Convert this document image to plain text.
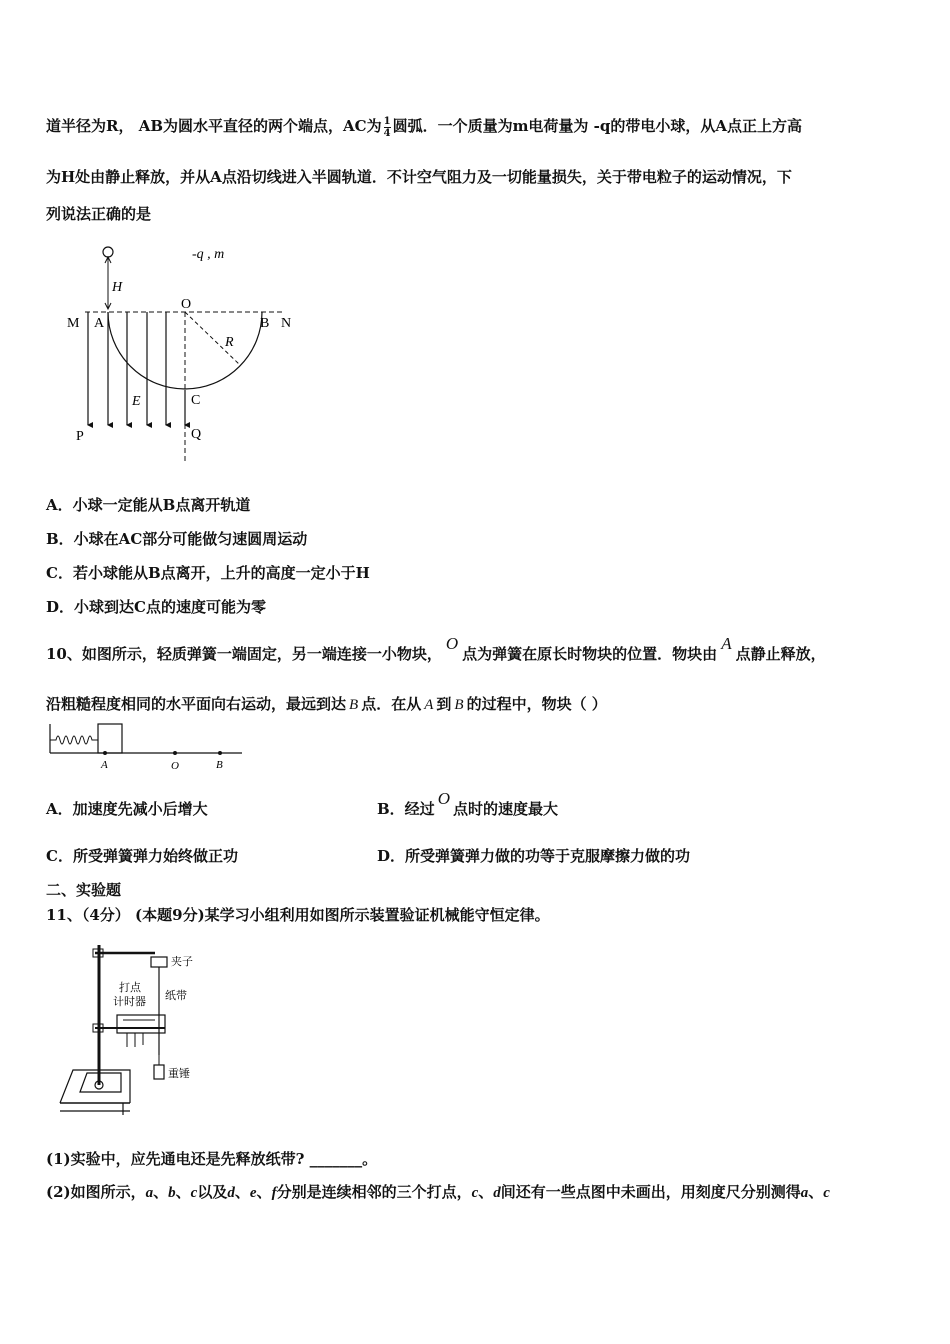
道半径为R， AB为圆水平直径的两个端点，AC为 $\frac{1}{4}$ 圆弧．一个质量为m电荷量为 -q的带电小球，从A点正上方高
为H处由静止释放，并从A点沿切线进入半圆轨道．不计空气阻力及一切能量损失，关于带电粒子的运动情况，下
列说法正确的是
H
-q , m
O
M A	B N
R
E	C
P	Q
A．小球一定能从B点离开轨道
B．小球在AC部分可能做匀速圆周运动
C．若小球能从B点离开，上升的高度一定小于H
D．小球到达C点的速度可能为零
10、如图所示，轻质弹簧一端固定，另一端连接一小物块，O点为弹簧在原长时物块的位置．物块由A点静止释放，
沿粗糙程度相同的水平面向右运动，最远到达 B 点．在从 A 到 B 的过程中，物块（ ）
A	O	B
A．加速度先减小后增大	B．经过O点时的速度最大
C．所受弹簧弹力始终做正功	D．所受弹簧弹力做的功等于克服摩擦力做的功
二、实验题
11、（4分） (本题9分)某学习小组利用如图所示装置验证机械能守恒定律。
夹子
打点
计时器 纸带
重锤
(1)实验中，应先通电还是先释放纸带? _______。
(2)如图所示，a、b、c以及d、e、f分别是连续相邻的三个打点，c、d间还有一些点图中未画出，用刻度尺分别测得a、c
